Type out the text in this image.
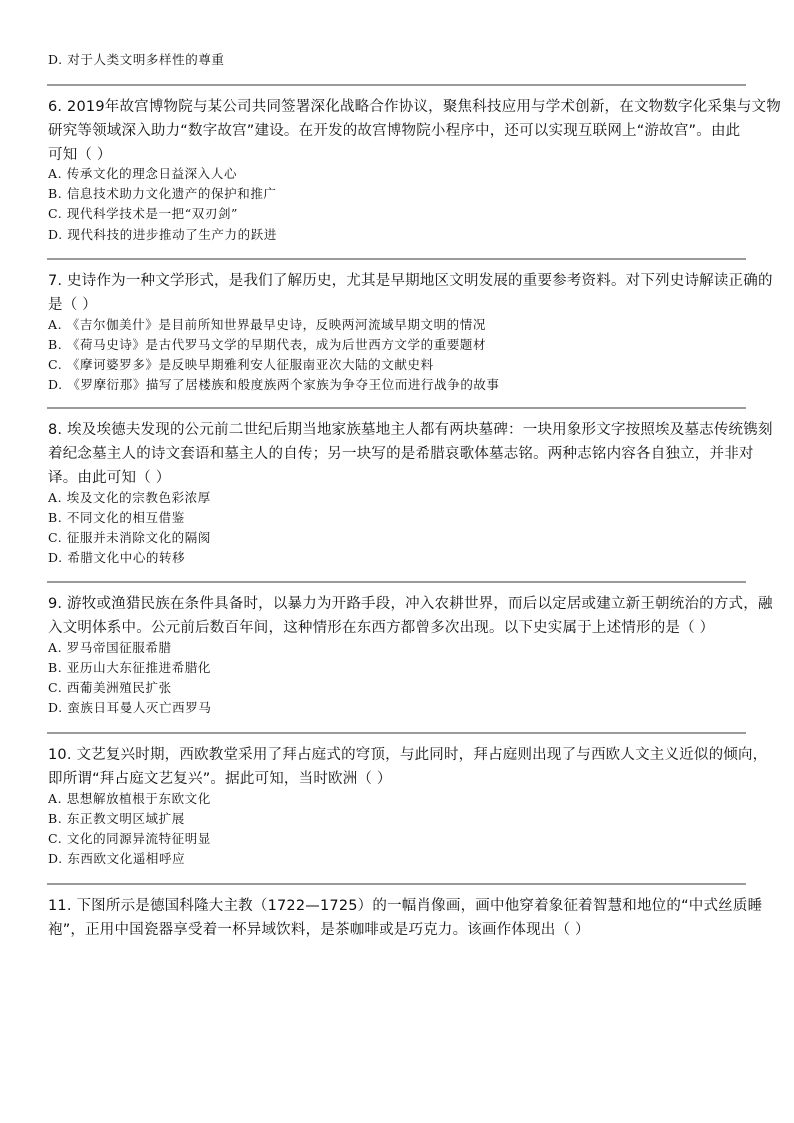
D. 对于人类文明多样性的尊重
6. 2019年故宫博物院与某公司共同签署深化战略合作协议，聚焦科技应用与学术创新，在文物数字化采集与文物
研究等领域深入助力“数字故宫”建设。在开发的故宫博物院小程序中，还可以实现互联网上“游故宫”。由此
可知（ ）
A. 传承文化的理念日益深入人心
B. 信息技术助力文化遗产的保护和推广
C. 现代科学技术是一把“双刃剑”
D. 现代科技的进步推动了生产力的跃进
7. 史诗作为一种文学形式，是我们了解历史，尤其是早期地区文明发展的重要参考资料。对下列史诗解读正确的
是（ ）
A. 《吉尔伽美什》是目前所知世界最早史诗，反映两河流域早期文明的情况
B. 《荷马史诗》是古代罗马文学的早期代表，成为后世西方文学的重要题材
C. 《摩诃婆罗多》是反映早期雅利安人征服南亚次大陆的文献史料
D. 《罗摩衍那》描写了居楼族和般度族两个家族为争夺王位而进行战争的故事
8. 埃及埃德夫发现的公元前二世纪后期当地家族墓地主人都有两块墓碑：一块用象形文字按照埃及墓志传统镌刻
着纪念墓主人的诗文套语和墓主人的自传；另一块写的是希腊哀歌体墓志铭。两种志铭内容各自独立，并非对
译。由此可知（ ）
A. 埃及文化的宗教色彩浓厚
B. 不同文化的相互借鉴
C. 征服并未消除文化的隔阂
D. 希腊文化中心的转移
9. 游牧或渔猎民族在条件具备时，以暴力为开路手段，冲入农耕世界，而后以定居或建立新王朝统治的方式，融
入文明体系中。公元前后数百年间，这种情形在东西方都曾多次出现。以下史实属于上述情形的是（ ）
A. 罗马帝国征服希腊
B. 亚历山大东征推进希腊化
C. 西葡美洲殖民扩张
D. 蛮族日耳曼人灭亡西罗马
10. 文艺复兴时期，西欧教堂采用了拜占庭式的穹顶，与此同时，拜占庭则出现了与西欧人文主义近似的倾向，
即所谓“拜占庭文艺复兴”。据此可知，当时欧洲（ ）
A. 思想解放植根于东欧文化
B. 东正教文明区域扩展
C. 文化的同源异流特征明显
D. 东西欧文化遥相呼应
11. 下图所示是德国科隆大主教（1722—1725）的一幅肖像画，画中他穿着象征着智慧和地位的“中式丝质睡
袍”，正用中国瓷器享受着一杯异域饮料，是茶咖啡或是巧克力。该画作体现出（ ）
